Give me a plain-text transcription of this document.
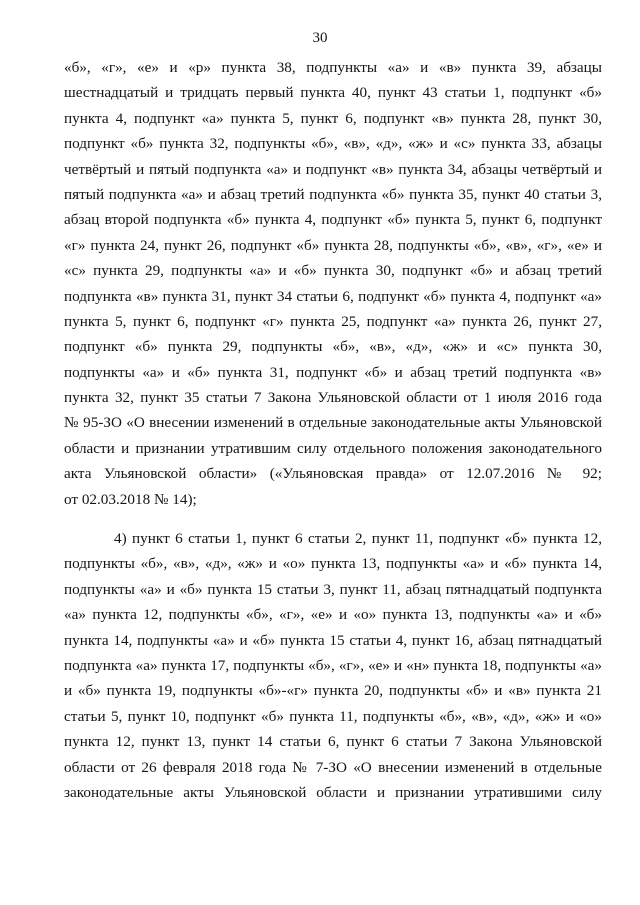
30
«б», «г», «е» и «р» пункта 38, подпункты «а» и «в» пункта 39, абзацы
шестнадцатый и тридцать первый пункта 40, пункт 43 статьи 1, подпункт «б»
пункта 4, подпункт «а» пункта 5, пункт 6, подпункт «в» пункта 28, пункт 30,
подпункт «б» пункта 32, подпункты «б», «в», «д», «ж» и «с» пункта 33, абзацы
четвёртый и пятый подпункта «а» и подпункт «в» пункта 34, абзацы четвёртый и
пятый подпункта «а» и абзац третий подпункта «б» пункта 35, пункт 40 статьи 3,
абзац второй подпункта «б» пункта 4, подпункт «б» пункта 5, пункт 6, подпункт
«г» пункта 24, пункт 26, подпункт «б» пункта 28, подпункты «б», «в», «г», «е» и
«с» пункта 29, подпункты «а» и «б» пункта 30, подпункт «б» и абзац третий
подпункта «в» пункта 31, пункт 34 статьи 6, подпункт «б» пункта 4, подпункт «а»
пункта 5, пункт 6, подпункт «г» пункта 25, подпункт «а» пункта 26, пункт 27,
подпункт «б» пункта 29, подпункты «б», «в», «д», «ж» и «с» пункта 30,
подпункты «а» и «б» пункта 31, подпункт «б» и абзац третий подпункта «в»
пункта 32, пункт 35 статьи 7 Закона Ульяновской области от 1 июля 2016 года
№ 95-ЗО «О внесении изменений в отдельные законодательные акты Ульяновской
области и признании утратившим силу отдельного положения законодательного
акта Ульяновской области» («Ульяновская правда» от 12.07.2016 № 92;
от 02.03.2018 № 14);
4) пункт 6 статьи 1, пункт 6 статьи 2, пункт 11, подпункт «б» пункта 12,
подпункты «б», «в», «д», «ж» и «о» пункта 13, подпункты «а» и «б» пункта 14,
подпункты «а» и «б» пункта 15 статьи 3, пункт 11, абзац пятнадцатый подпункта
«а» пункта 12, подпункты «б», «г», «е» и «о» пункта 13, подпункты «а» и «б»
пункта 14, подпункты «а» и «б» пункта 15 статьи 4, пункт 16, абзац пятнадцатый
подпункта «а» пункта 17, подпункты «б», «г», «е» и «н» пункта 18, подпункты «а»
и «б» пункта 19, подпункты «б»-«г» пункта 20, подпункты «б» и «в» пункта 21
статьи 5, пункт 10, подпункт «б» пункта 11, подпункты «б», «в», «д», «ж» и «о»
пункта 12, пункт 13, пункт 14 статьи 6, пункт 6 статьи 7 Закона Ульяновской
области от 26 февраля 2018 года № 7-ЗО «О внесении изменений в отдельные
законодательные акты Ульяновской области и признании утратившими силу
